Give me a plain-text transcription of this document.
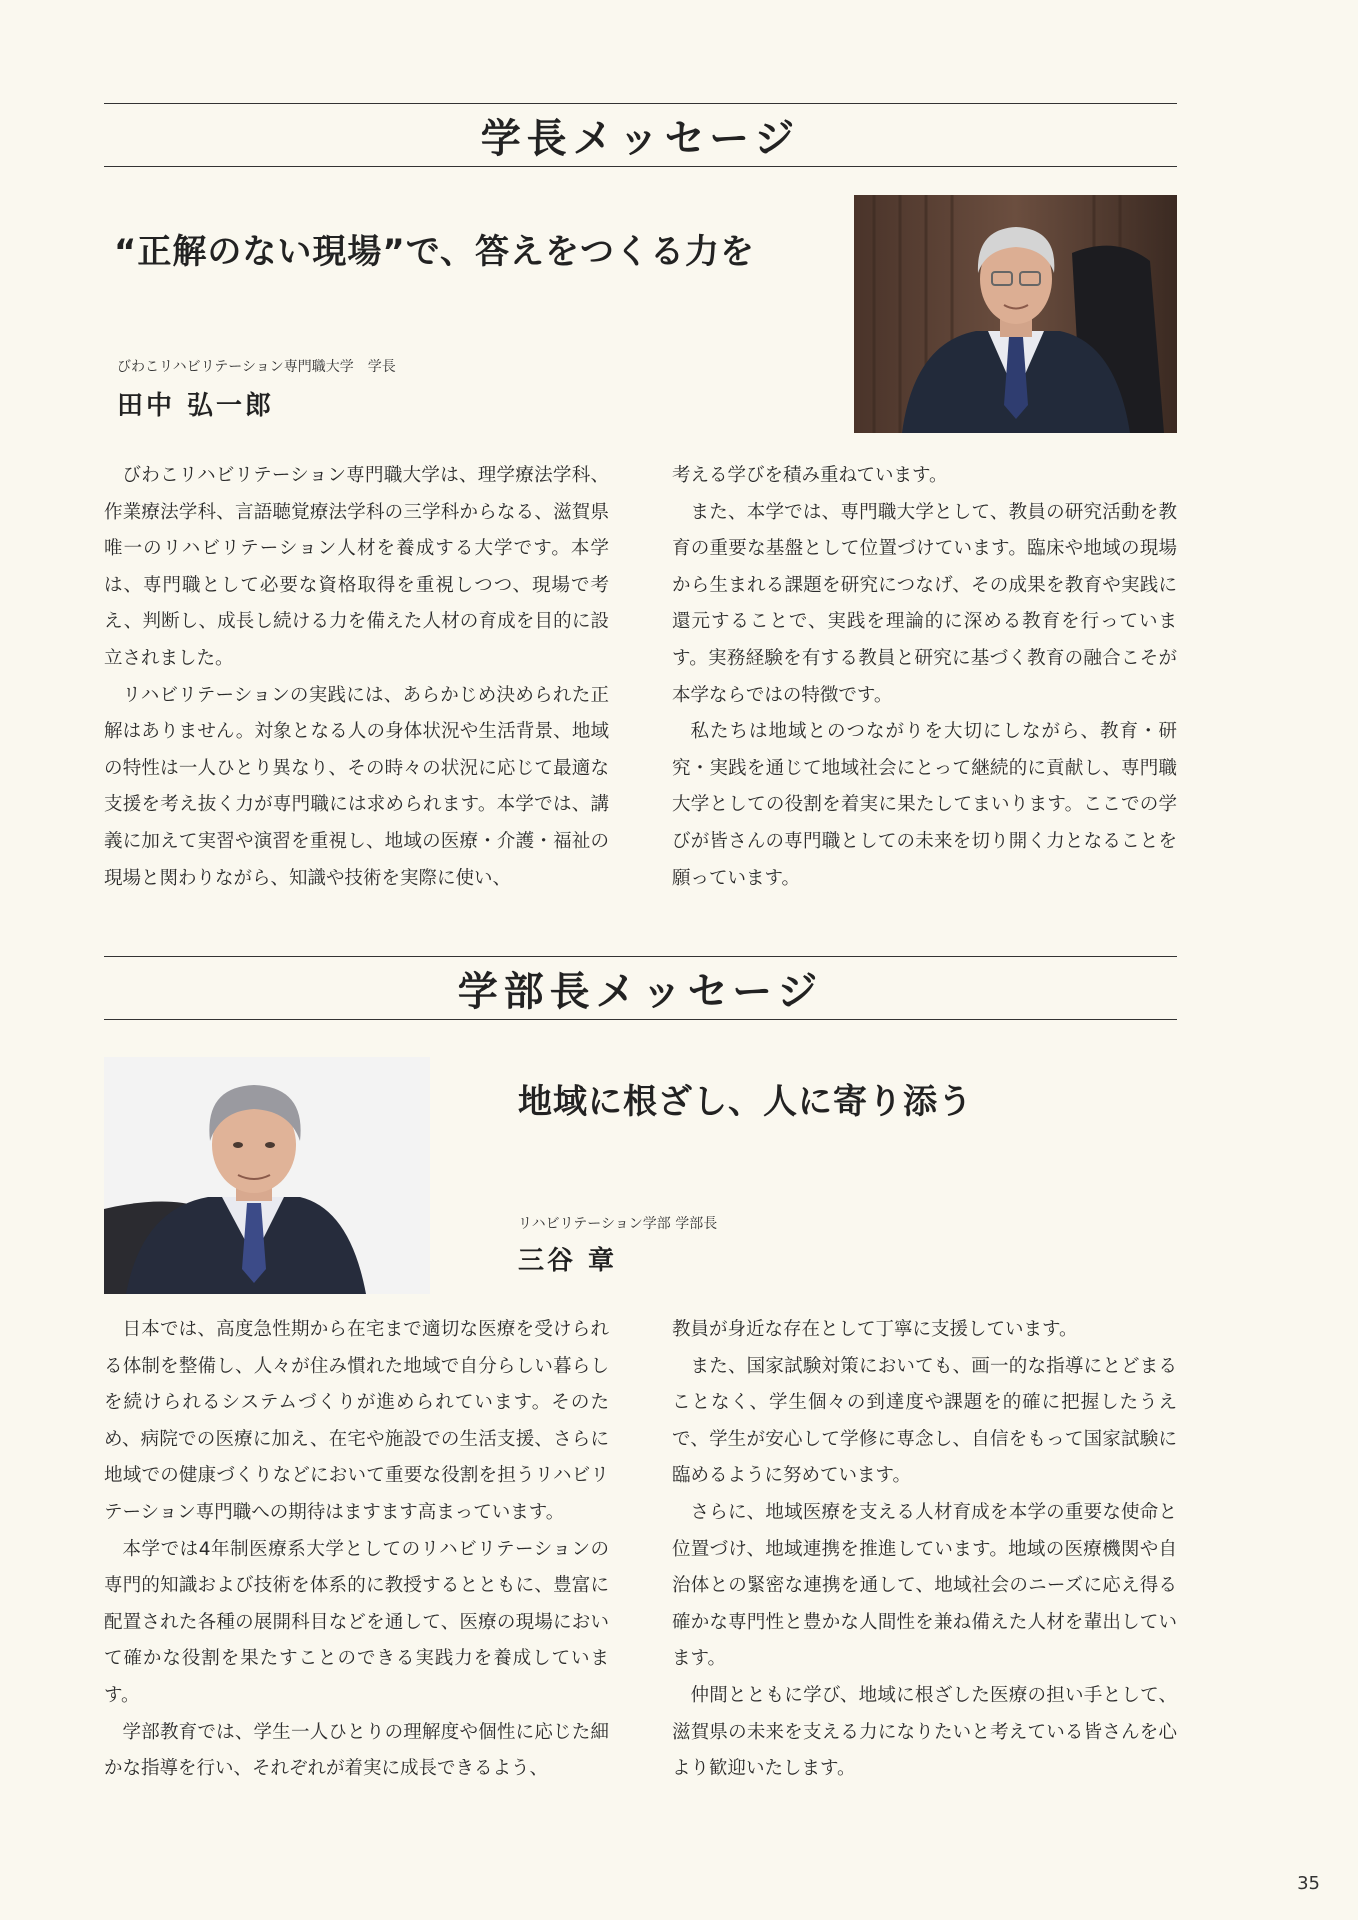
学長メッセージ
“正解のない現場”で、答えをつくる力を
びわこリハビリテーション専門職大学　学長
田中 弘一郎

びわこリハビリテーション専門職大学は、理学療法学科、作業療法学科、言語聴覚療法学科の三学科からなる、滋賀県唯一のリハビリテーション人材を養成する大学です。本学は、専門職として必要な資格取得を重視しつつ、現場で考え、判断し、成長し続ける力を備えた人材の育成を目的に設立されました。

リハビリテーションの実践には、あらかじめ決められた正解はありません。対象となる人の身体状況や生活背景、地域の特性は一人ひとり異なり、その時々の状況に応じて最適な支援を考え抜く力が専門職には求められます。本学では、講義に加えて実習や演習を重視し、地域の医療・介護・福祉の現場と関わりながら、知識や技術を実際に使い、

考える学びを積み重ねています。

また、本学では、専門職大学として、教員の研究活動を教育の重要な基盤として位置づけています。臨床や地域の現場から生まれる課題を研究につなげ、その成果を教育や実践に還元することで、実践を理論的に深める教育を行っています。実務経験を有する教員と研究に基づく教育の融合こそが本学ならではの特徴です。

私たちは地域とのつながりを大切にしながら、教育・研究・実践を通じて地域社会にとって継続的に貢献し、専門職大学としての役割を着実に果たしてまいります。ここでの学びが皆さんの専門職としての未来を切り開く力となることを願っています。

学部長メッセージ
地域に根ざし、人に寄り添う
リハビリテーション学部 学部長
三谷 章

日本では、高度急性期から在宅まで適切な医療を受けられる体制を整備し、人々が住み慣れた地域で自分らしい暮らしを続けられるシステムづくりが進められています。そのため、病院での医療に加え、在宅や施設での生活支援、さらに地域での健康づくりなどにおいて重要な役割を担うリハビリテーション専門職への期待はますます高まっています。

本学では4年制医療系大学としてのリハビリテーションの専門的知識および技術を体系的に教授するとともに、豊富に配置された各種の展開科目などを通して、医療の現場において確かな役割を果たすことのできる実践力を養成しています。

学部教育では、学生一人ひとりの理解度や個性に応じた細かな指導を行い、それぞれが着実に成長できるよう、

教員が身近な存在として丁寧に支援しています。

また、国家試験対策においても、画一的な指導にとどまることなく、学生個々の到達度や課題を的確に把握したうえで、学生が安心して学修に専念し、自信をもって国家試験に臨めるように努めています。

さらに、地域医療を支える人材育成を本学の重要な使命と位置づけ、地域連携を推進しています。地域の医療機関や自治体との緊密な連携を通して、地域社会のニーズに応え得る確かな専門性と豊かな人間性を兼ね備えた人材を輩出しています。

仲間とともに学び、地域に根ざした医療の担い手として、滋賀県の未来を支える力になりたいと考えている皆さんを心より歓迎いたします。

35
